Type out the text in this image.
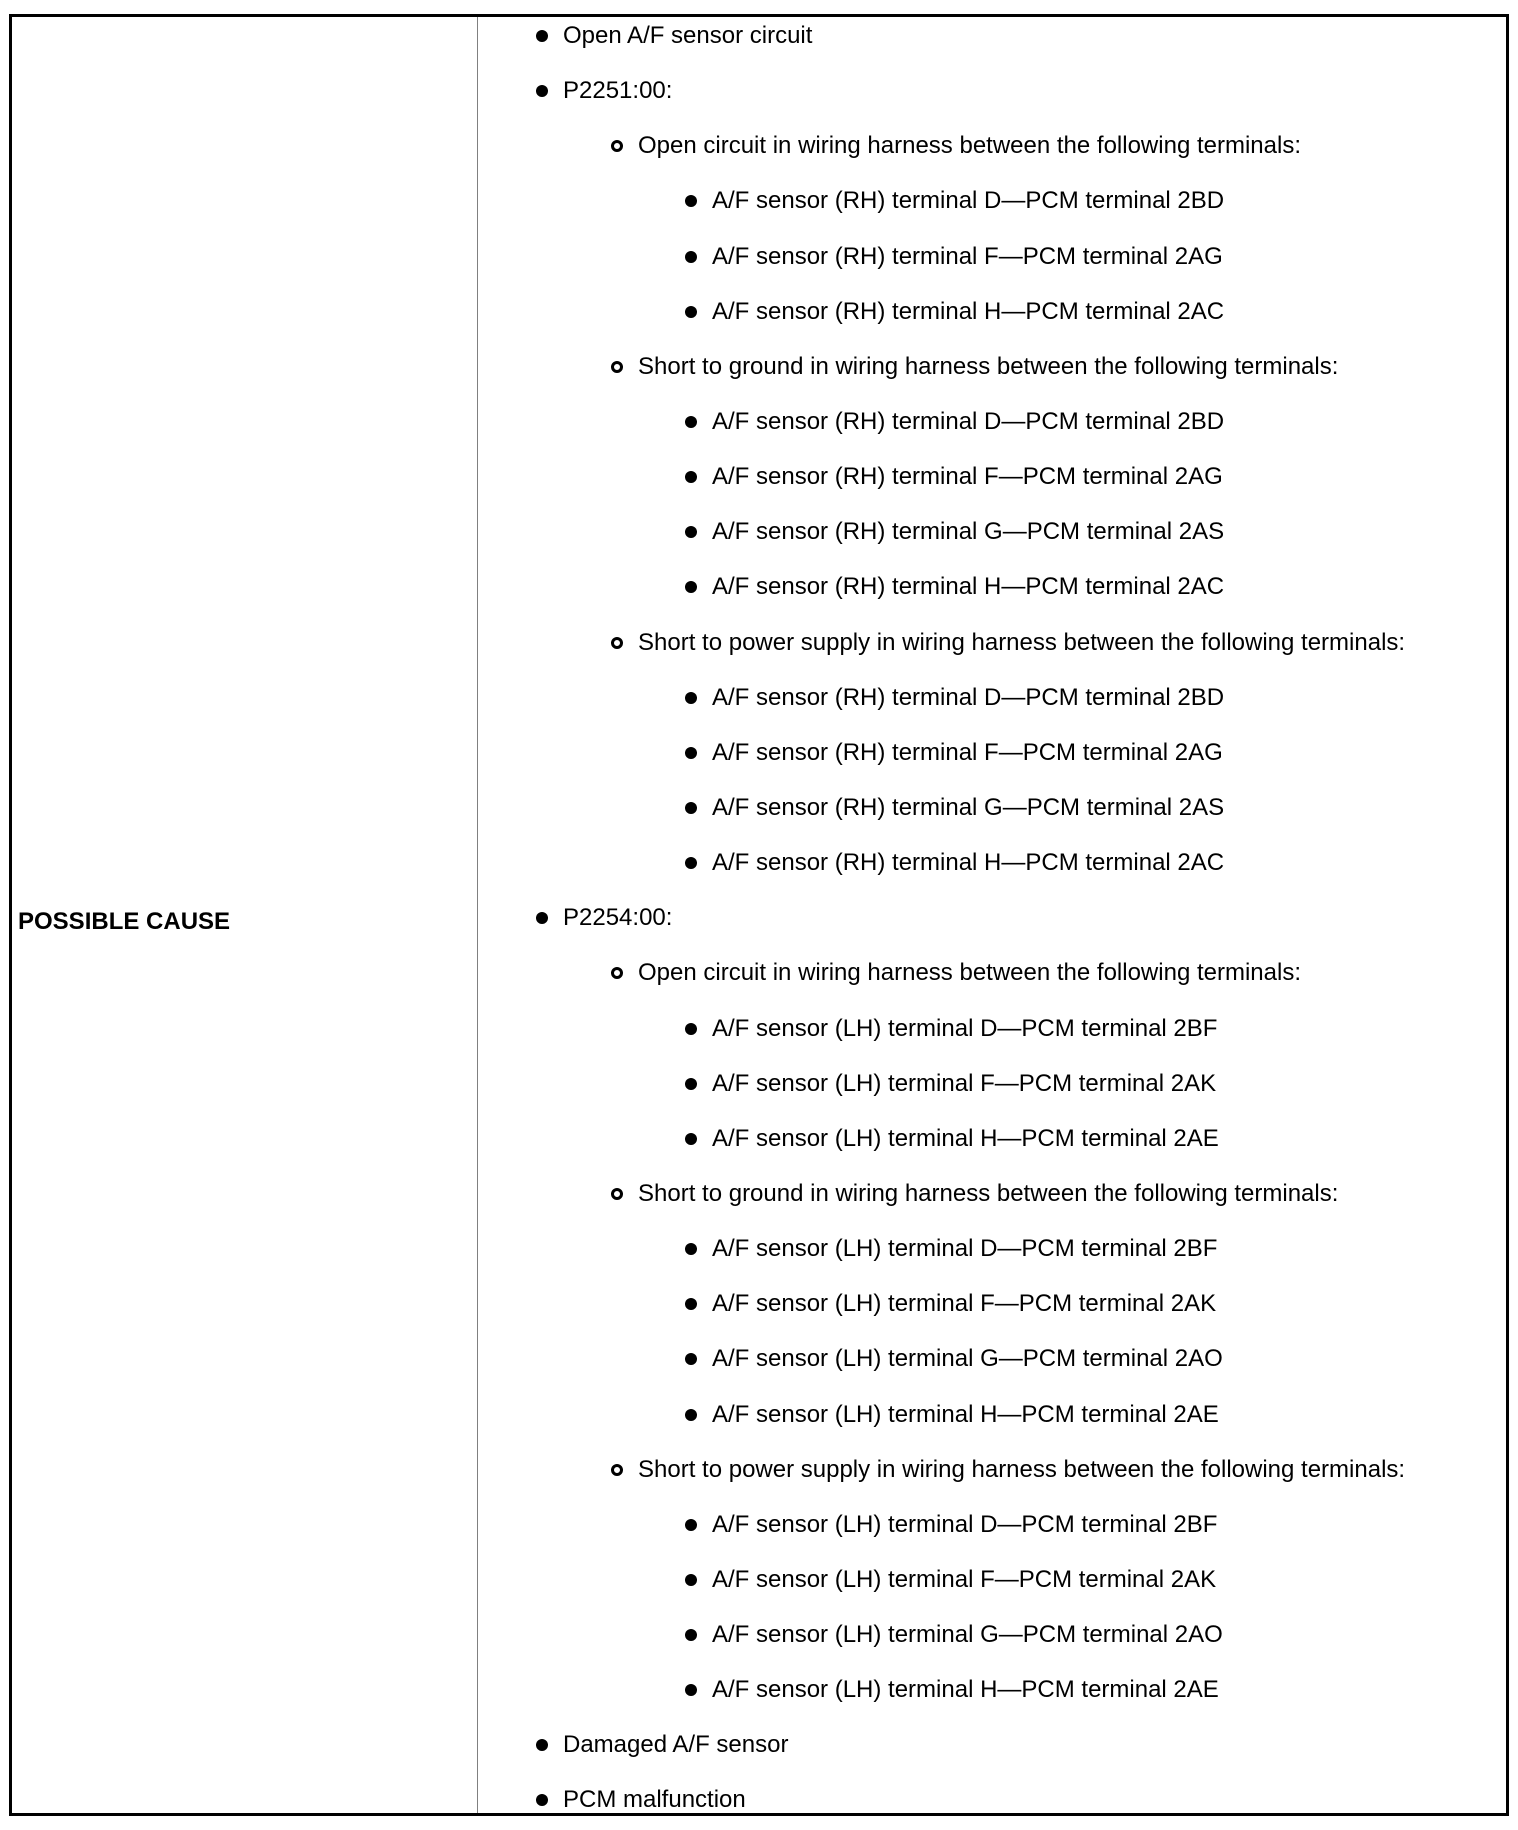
POSSIBLE CAUSE
Open A/F sensor circuit
P2251:00:
Open circuit in wiring harness between the following terminals:
A/F sensor (RH) terminal D—PCM terminal 2BD
A/F sensor (RH) terminal F—PCM terminal 2AG
A/F sensor (RH) terminal H—PCM terminal 2AC
Short to ground in wiring harness between the following terminals:
A/F sensor (RH) terminal D—PCM terminal 2BD
A/F sensor (RH) terminal F—PCM terminal 2AG
A/F sensor (RH) terminal G—PCM terminal 2AS
A/F sensor (RH) terminal H—PCM terminal 2AC
Short to power supply in wiring harness between the following terminals:
A/F sensor (RH) terminal D—PCM terminal 2BD
A/F sensor (RH) terminal F—PCM terminal 2AG
A/F sensor (RH) terminal G—PCM terminal 2AS
A/F sensor (RH) terminal H—PCM terminal 2AC
P2254:00:
Open circuit in wiring harness between the following terminals:
A/F sensor (LH) terminal D—PCM terminal 2BF
A/F sensor (LH) terminal F—PCM terminal 2AK
A/F sensor (LH) terminal H—PCM terminal 2AE
Short to ground in wiring harness between the following terminals:
A/F sensor (LH) terminal D—PCM terminal 2BF
A/F sensor (LH) terminal F—PCM terminal 2AK
A/F sensor (LH) terminal G—PCM terminal 2AO
A/F sensor (LH) terminal H—PCM terminal 2AE
Short to power supply in wiring harness between the following terminals:
A/F sensor (LH) terminal D—PCM terminal 2BF
A/F sensor (LH) terminal F—PCM terminal 2AK
A/F sensor (LH) terminal G—PCM terminal 2AO
A/F sensor (LH) terminal H—PCM terminal 2AE
Damaged A/F sensor
PCM malfunction
